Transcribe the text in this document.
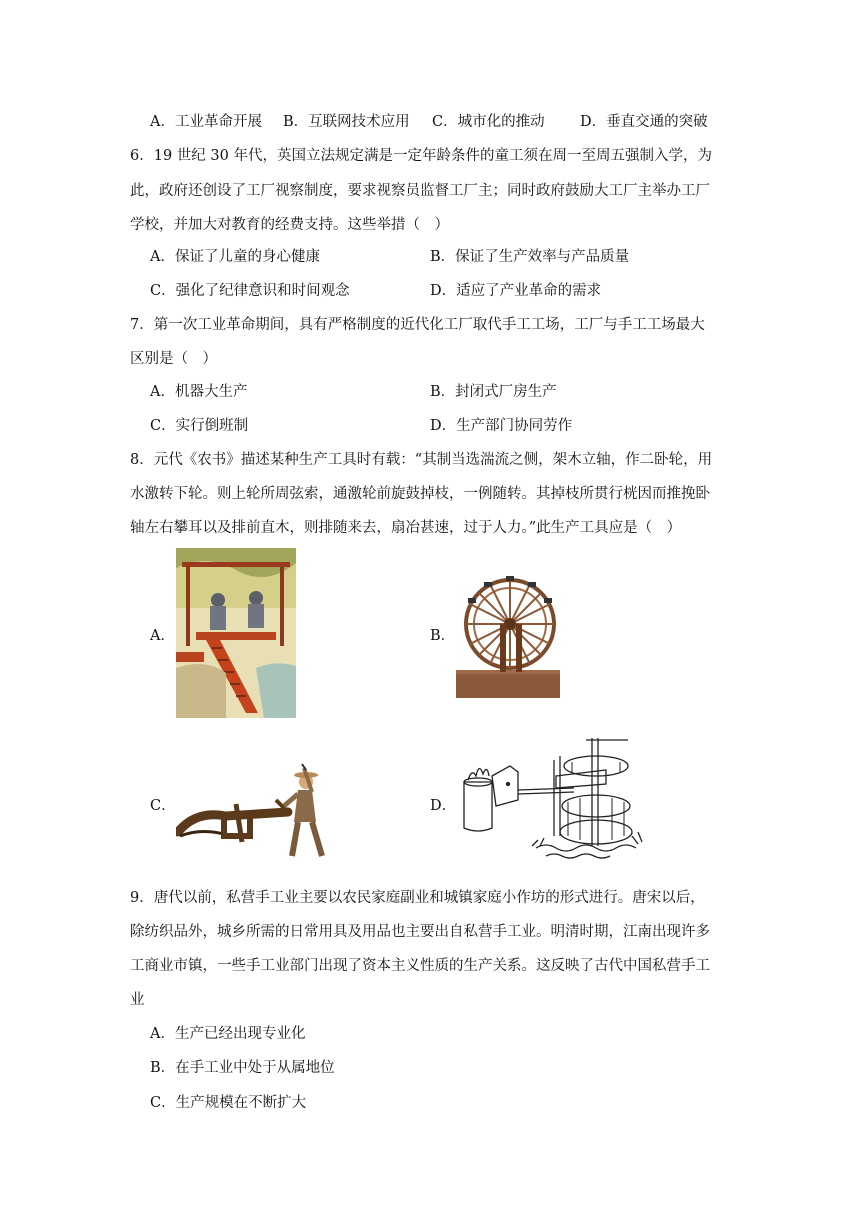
A．工业革命开展 B．互联网技术应用 C．城市化的推动 D．垂直交通的突破
6．19 世纪 30 年代，英国立法规定满是一定年龄条件的童工须在周一至周五强制入学，为
此，政府还创设了工厂视察制度，要求视察员监督工厂主；同时政府鼓励大工厂主举办工厂
学校，并加大对教育的经费支持。这些举措（　）
A．保证了儿童的身心健康	B．保证了生产效率与产品质量
C．强化了纪律意识和时间观念	D．适应了产业革命的需求
7．第一次工业革命期间，具有严格制度的近代化工厂取代手工工场，工厂与手工工场最大
区别是（　）
A．机器大生产	B．封闭式厂房生产
C．实行倒班制	D．生产部门协同劳作
8．元代《农书》描述某种生产工具时有载：“其制当选湍流之侧，架木立轴，作二卧轮，用
水激转下轮。则上轮所周弦索，通激轮前旋鼓掉枝，一例随转。其掉枝所贯行桄因而推挽卧
轴左右攀耳以及排前直木，则排随来去，扇冶甚速，过于人力。”此生产工具应是（　）
A．	B．
C．	D．
9．唐代以前，私营手工业主要以农民家庭副业和城镇家庭小作坊的形式进行。唐宋以后，
除纺织品外，城乡所需的日常用具及用品也主要出自私营手工业。明清时期，江南出现许多
工商业市镇，一些手工业部门出现了资本主义性质的生产关系。这反映了古代中国私营手工
业
A．生产已经出现专业化
B．在手工业中处于从属地位
C．生产规模在不断扩大
